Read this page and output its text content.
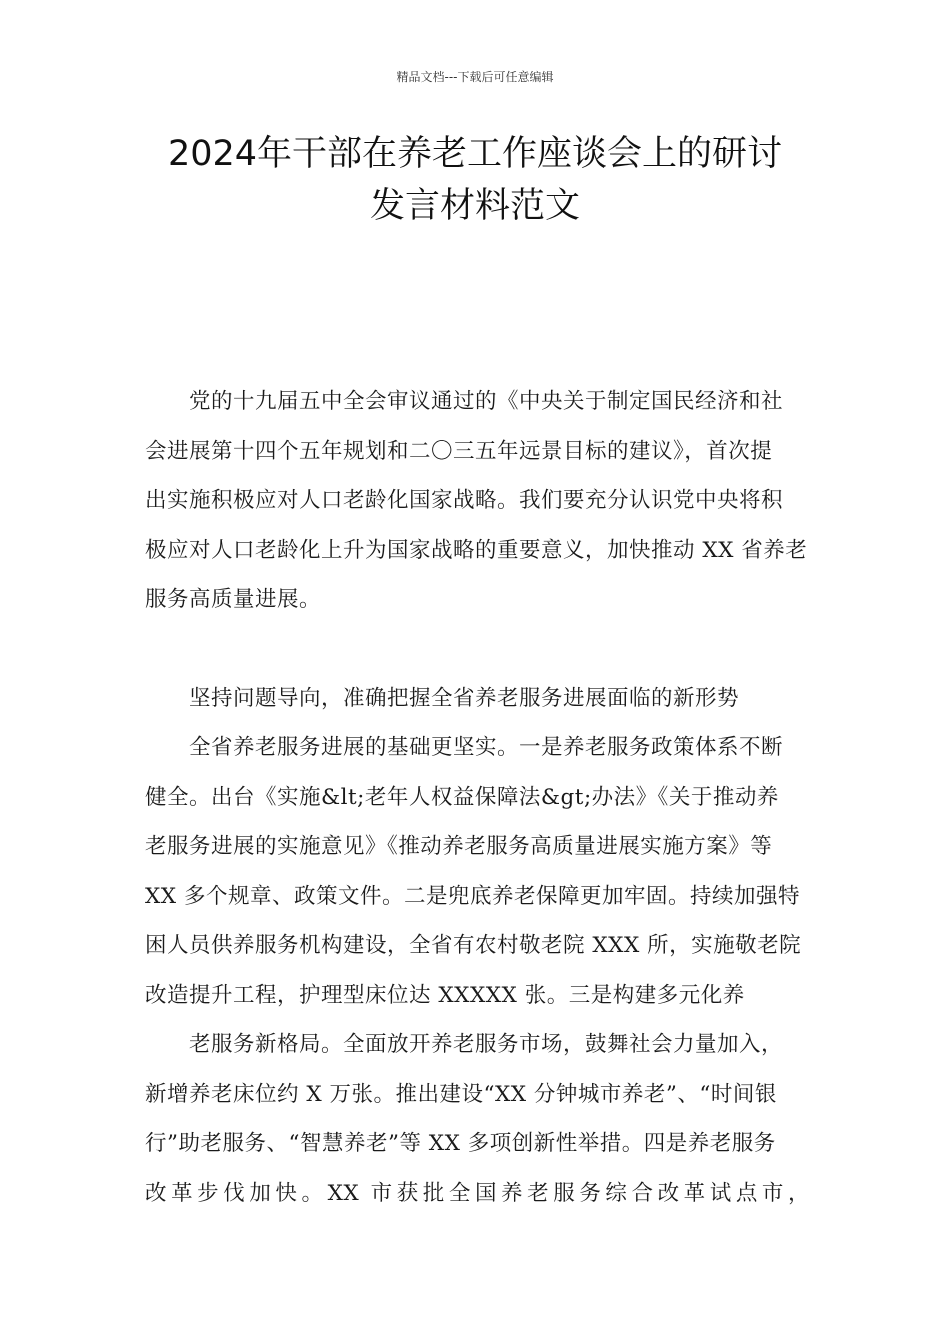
精品文档---下载后可任意编辑
2024年干部在养老工作座谈会上的研讨
发言材料范文
党的十九届五中全会审议通过的《中央关于制定国民经济和社
会进展第十四个五年规划和二〇三五年远景目标的建议》，首次提
出实施积极应对人口老龄化国家战略。我们要充分认识党中央将积
极应对人口老龄化上升为国家战略的重要意义，加快推动 XX 省养老
服务高质量进展。
坚持问题导向，准确把握全省养老服务进展面临的新形势
全省养老服务进展的基础更坚实。一是养老服务政策体系不断
健全。出台《实施&lt;老年人权益保障法&gt;办法》《关于推动养
老服务进展的实施意见》《推动养老服务高质量进展实施方案》等
XX 多个规章、政策文件。二是兜底养老保障更加牢固。持续加强特
困人员供养服务机构建设，全省有农村敬老院 XXX 所，实施敬老院
改造提升工程，护理型床位达 XXXXX 张。三是构建多元化养
老服务新格局。全面放开养老服务市场，鼓舞社会力量加入，
新增养老床位约 X 万张。推出建设“XX 分钟城市养老”、“时间银
行”助老服务、“智慧养老”等 XX 多项创新性举措。四是养老服务
改革步伐加快。XX 市获批全国养老服务综合改革试点市，
